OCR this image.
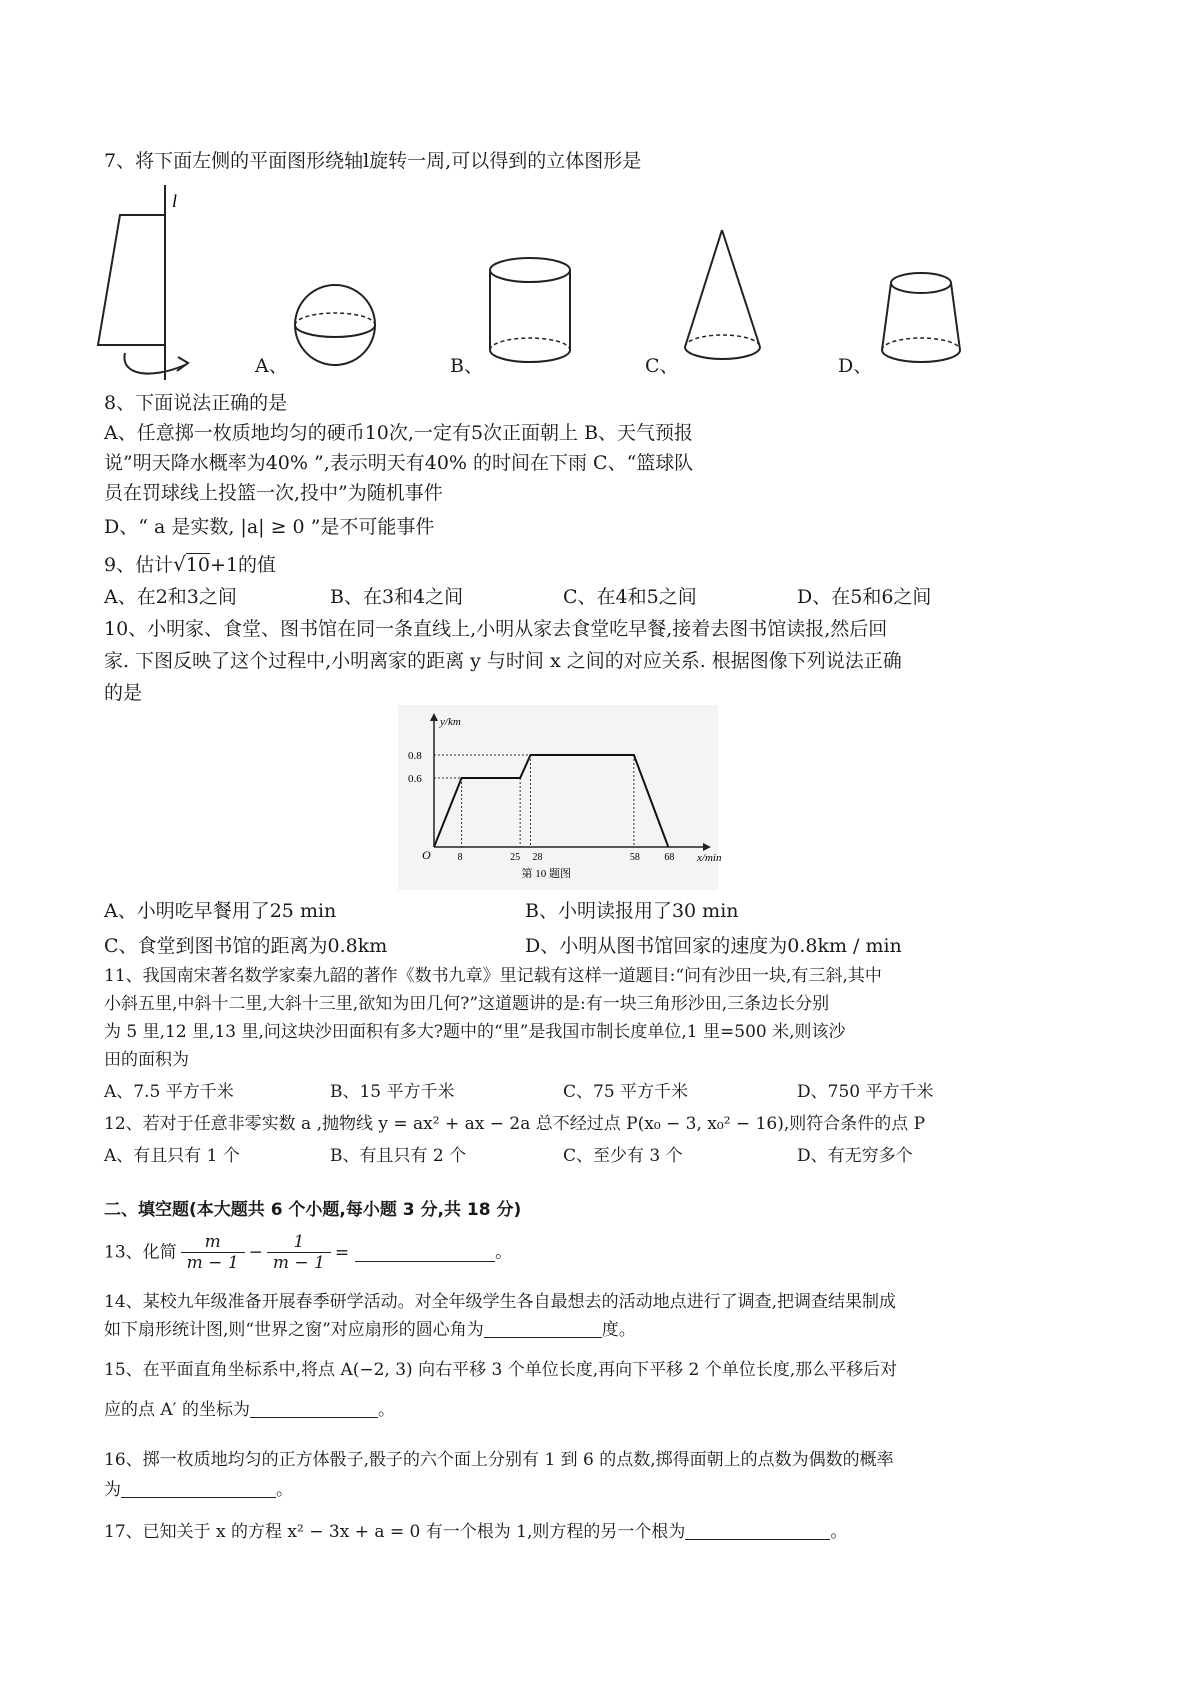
7、将下面左侧的平面图形绕轴l旋转一周,可以得到的立体图形是
l
A、	B、	C、	D、
8、下面说法正确的是
A、任意掷一枚质地均匀的硬币10次,一定有5次正面朝上 B、天气预报
说”明天降水概率为40% ”,表示明天有40% 的时间在下雨 C、“篮球队
员在罚球线上投篮一次,投中”为随机事件
D、“ a 是实数, |a| ≥ 0 ”是不可能事件
9、估计√10+1的值
A、在2和3之间	B、在3和4之间	C、在4和5之间	D、在5和6之间
10、小明家、食堂、图书馆在同一条直线上,小明从家去食堂吃早餐,接着去图书馆读报,然后回
家. 下图反映了这个过程中,小明离家的距离 y 与时间 x 之间的对应关系. 根据图像下列说法正确
的是
y/km
x/min
O
0.6
0.8
8	25 28	58 68
第 10 题图
A、小明吃早餐用了25 min	B、小明读报用了30 min
C、食堂到图书馆的距离为0.8km	D、小明从图书馆回家的速度为0.8km / min
11、我国南宋著名数学家秦九韶的著作《数书九章》里记载有这样一道题目:“问有沙田一块,有三斜,其中
小斜五里,中斜十二里,大斜十三里,欲知为田几何?”这道题讲的是:有一块三角形沙田,三条边长分别
为 5 里,12 里,13 里,问这块沙田面积有多大?题中的“里”是我国市制长度单位,1 里=500 米,则该沙
田的面积为
A、7.5 平方千米	B、15 平方千米	C、75 平方千米	D、750 平方千米
12、若对于任意非零实数 a ,抛物线 y = ax² + ax − 2a 总不经过点 P(x₀ − 3, x₀² − 16),则符合条件的点 P
A、有且只有 1 个	B、有且只有 2 个	C、至少有 3 个	D、有无穷多个
二、填空题(本大题共 6 个小题,每小题 3 分,共 18 分)
13、化简 $\frac{m}{m - 1} - \frac{1}{m - 1}$ =	。
14、某校九年级准备开展春季研学活动。对全年级学生各自最想去的活动地点进行了调查,把调查结果制成
如下扇形统计图,则“世界之窗”对应扇形的圆心角为	度。
15、在平面直角坐标系中,将点 A(−2, 3) 向右平移 3 个单位长度,再向下平移 2 个单位长度,那么平移后对
应的点 A′ 的坐标为	。
16、掷一枚质地均匀的正方体骰子,骰子的六个面上分别有 1 到 6 的点数,掷得面朝上的点数为偶数的概率
为	。
17、已知关于 x 的方程 x² − 3x + a = 0 有一个根为 1,则方程的另一个根为	。
